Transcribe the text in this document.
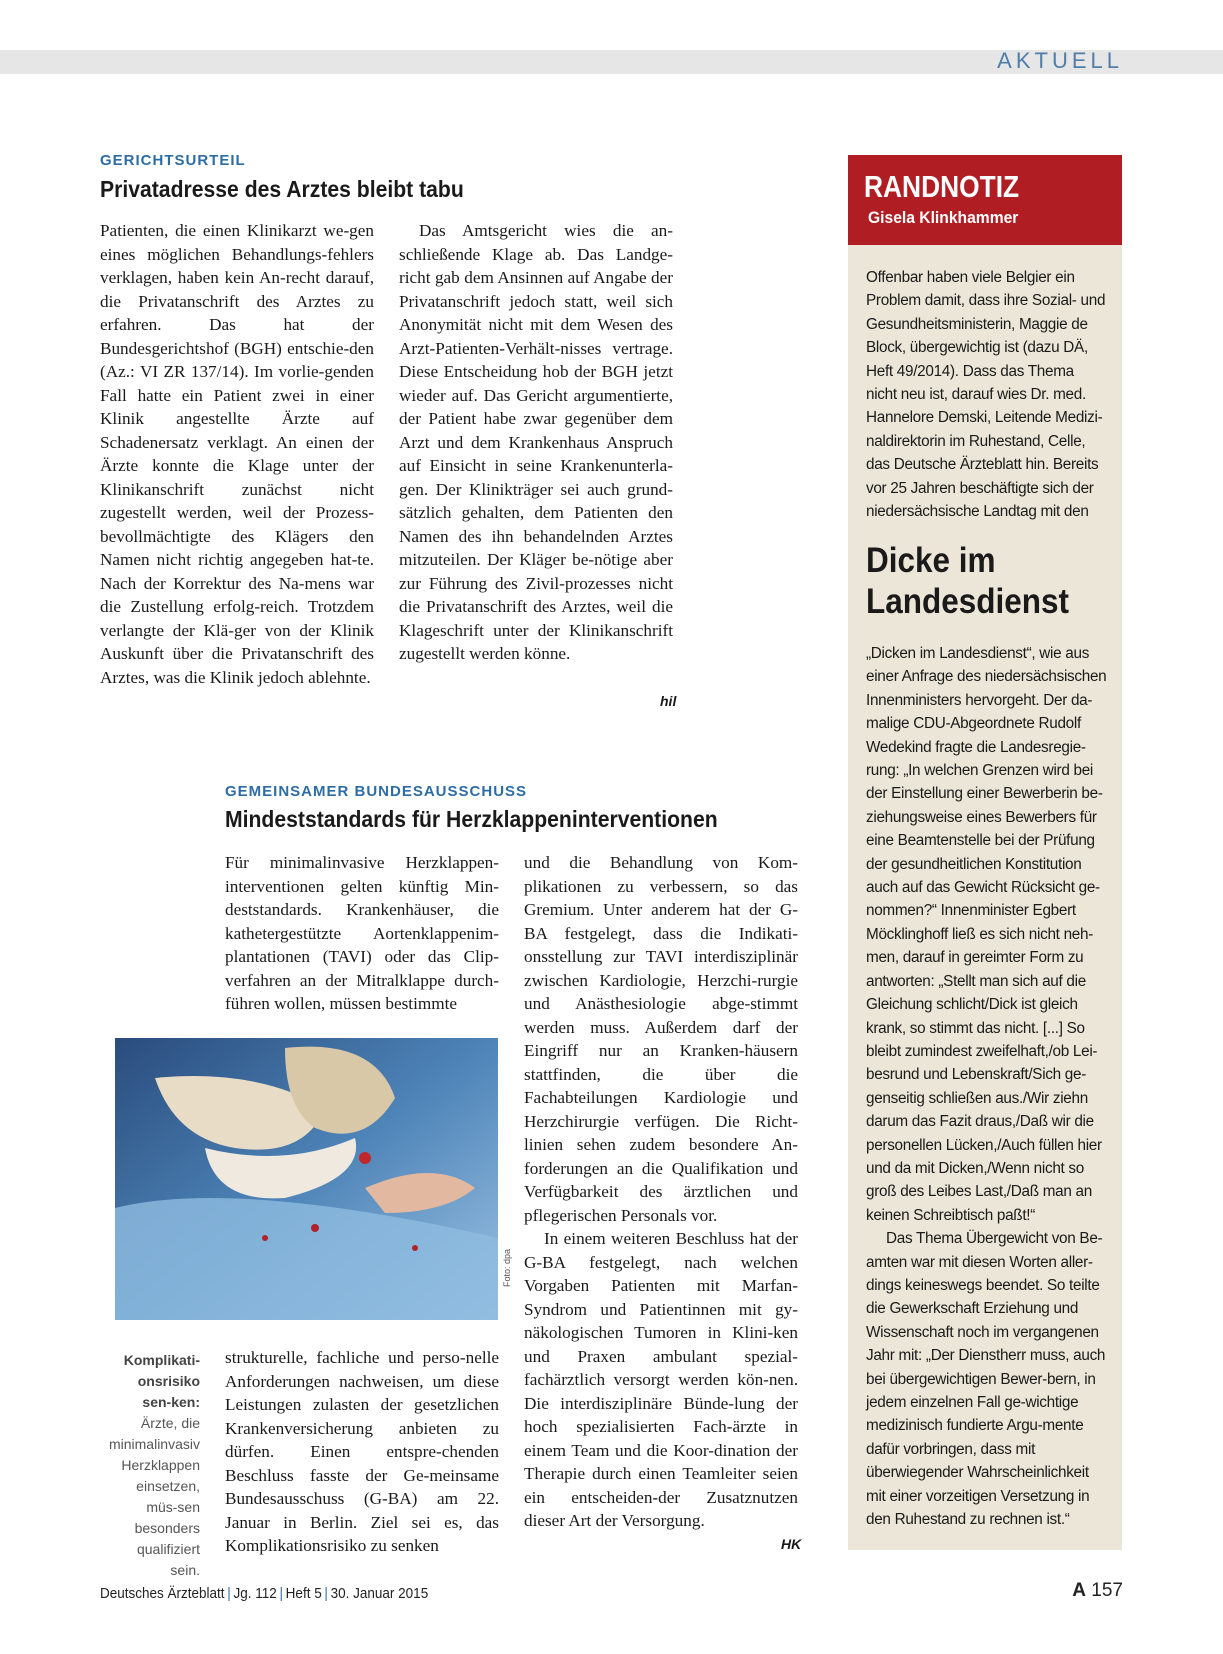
AKTUELL
GERICHTSURTEIL
Privatadresse des Arztes bleibt tabu

Patienten, die einen Klinikarzt we-gen eines möglichen Behandlungs-fehlers verklagen, haben kein An-recht darauf, die Privatanschrift des Arztes zu erfahren. Das hat der Bundesgerichtshof (BGH) entschie-den (Az.: VI ZR 137/14). Im vorlie-genden Fall hatte ein Patient zwei in einer Klinik angestellte Ärzte auf Schadenersatz verklagt. An einen der Ärzte konnte die Klage unter der Klinikanschrift zunächst nicht zugestellt werden, weil der Prozess-bevollmächtigte des Klägers den Namen nicht richtig angegeben hat-te. Nach der Korrektur des Na-mens war die Zustellung erfolg-reich. Trotzdem verlangte der Klä-ger von der Klinik Auskunft über die Privatanschrift des Arztes, was die Klinik jedoch ablehnte.

Das Amtsgericht wies die an-schließende Klage ab. Das Landge-richt gab dem Ansinnen auf Angabe der Privatanschrift jedoch statt, weil sich Anonymität nicht mit dem Wesen des Arzt-Patienten-Verhält-nisses vertrage. Diese Entscheidung hob der BGH jetzt wieder auf. Das Gericht argumentierte, der Patient habe zwar gegenüber dem Arzt und dem Krankenhaus Anspruch auf Einsicht in seine Krankenunterla-gen. Der Klinikträger sei auch grund-sätzlich gehalten, dem Patienten den Namen des ihn behandelnden Arztes mitzuteilen. Der Kläger be-nötige aber zur Führung des Zivil-prozesses nicht die Privatanschrift des Arztes, weil die Klageschrift unter der Klinikanschrift zugestellt werden könne.

hil
GEMEINSAMER BUNDESAUSSCHUSS
Mindeststandards für Herzklappeninterventionen

Für minimalinvasive Herzklappen-interventionen gelten künftig Min-deststandards. Krankenhäuser, die kathetergestützte Aortenklappenim-plantationen (TAVI) oder das Clip-verfahren an der Mitralklappe durch-führen wollen, müssen bestimmte

Foto: dpa
Komplikati-onsrisiko sen-ken: Ärzte, die minimalinvasiv Herzklappen einsetzen, müs-sen besonders qualifiziert sein.

strukturelle, fachliche und perso-nelle Anforderungen nachweisen, um diese Leistungen zulasten der gesetzlichen Krankenversicherung anbieten zu dürfen. Einen entspre-chenden Beschluss fasste der Ge-meinsame Bundesausschuss (G-BA) am 22. Januar in Berlin. Ziel sei es, das Komplikationsrisiko zu senken

und die Behandlung von Kom-plikationen zu verbessern, so das Gremium. Unter anderem hat der G-BA festgelegt, dass die Indikati-onsstellung zur TAVI interdisziplinär zwischen Kardiologie, Herzchi-rurgie und Anästhesiologie abge-stimmt werden muss. Außerdem darf der Eingriff nur an Kranken-häusern stattfinden, die über die Fachabteilungen Kardiologie und Herzchirurgie verfügen. Die Richt-linien sehen zudem besondere An-forderungen an die Qualifikation und Verfügbarkeit des ärztlichen und pflegerischen Personals vor.

In einem weiteren Beschluss hat der G-BA festgelegt, nach welchen Vorgaben Patienten mit Marfan-Syndrom und Patientinnen mit gy-näkologischen Tumoren in Klini-ken und Praxen ambulant spezial-fachärztlich versorgt werden kön-nen. Die interdisziplinäre Bünde-lung der hoch spezialisierten Fach-ärzte in einem Team und die Koor-dination der Therapie durch einen Teamleiter seien ein entscheiden-der Zusatznutzen dieser Art der Versorgung.

HK
RANDNOTIZ
Gisela Klinkhammer

Offenbar haben viele Belgier ein Problem damit, dass ihre Sozial- und Gesundheitsministerin, Maggie de Block, übergewichtig ist (dazu DÄ, Heft 49/2014). Dass das Thema nicht neu ist, darauf wies Dr. med. Hannelore Demski, Leitende Medizi-naldirektorin im Ruhestand, Celle, das Deutsche Ärzteblatt hin. Bereits vor 25 Jahren beschäftigte sich der niedersächsische Landtag mit den

Dicke im Landesdienst

„Dicken im Landesdienst“, wie aus einer Anfrage des niedersächsischen Innenministers hervorgeht. Der da-malige CDU-Abgeordnete Rudolf Wedekind fragte die Landesregie-rung: „In welchen Grenzen wird bei der Einstellung einer Bewerberin be-ziehungsweise eines Bewerbers für eine Beamtenstelle bei der Prüfung der gesundheitlichen Konstitution auch auf das Gewicht Rücksicht ge-nommen?“ Innenminister Egbert Möcklinghoff ließ es sich nicht neh-men, darauf in gereimter Form zu antworten: „Stellt man sich auf die Gleichung schlicht/Dick ist gleich krank, so stimmt das nicht. [...] So bleibt zumindest zweifelhaft,/ob Lei-besrund und Lebenskraft/Sich ge-genseitig schließen aus./Wir ziehn darum das Fazit draus,/Daß wir die personellen Lücken,/Auch füllen hier und da mit Dicken,/Wenn nicht so groß des Leibes Last,/Daß man an keinen Schreibtisch paßt!“

Das Thema Übergewicht von Be-amten war mit diesen Worten aller-dings keineswegs beendet. So teilte die Gewerkschaft Erziehung und Wissenschaft noch im vergangenen Jahr mit: „Der Dienstherr muss, auch bei übergewichtigen Bewer-bern, in jedem einzelnen Fall ge-wichtige medizinisch fundierte Argu-mente dafür vorbringen, dass mit überwiegender Wahrscheinlichkeit mit einer vorzeitigen Versetzung in den Ruhestand zu rechnen ist.“

Deutsches Ärzteblatt | Jg. 112 | Heft 5 | 30. Januar 2015	A 157
